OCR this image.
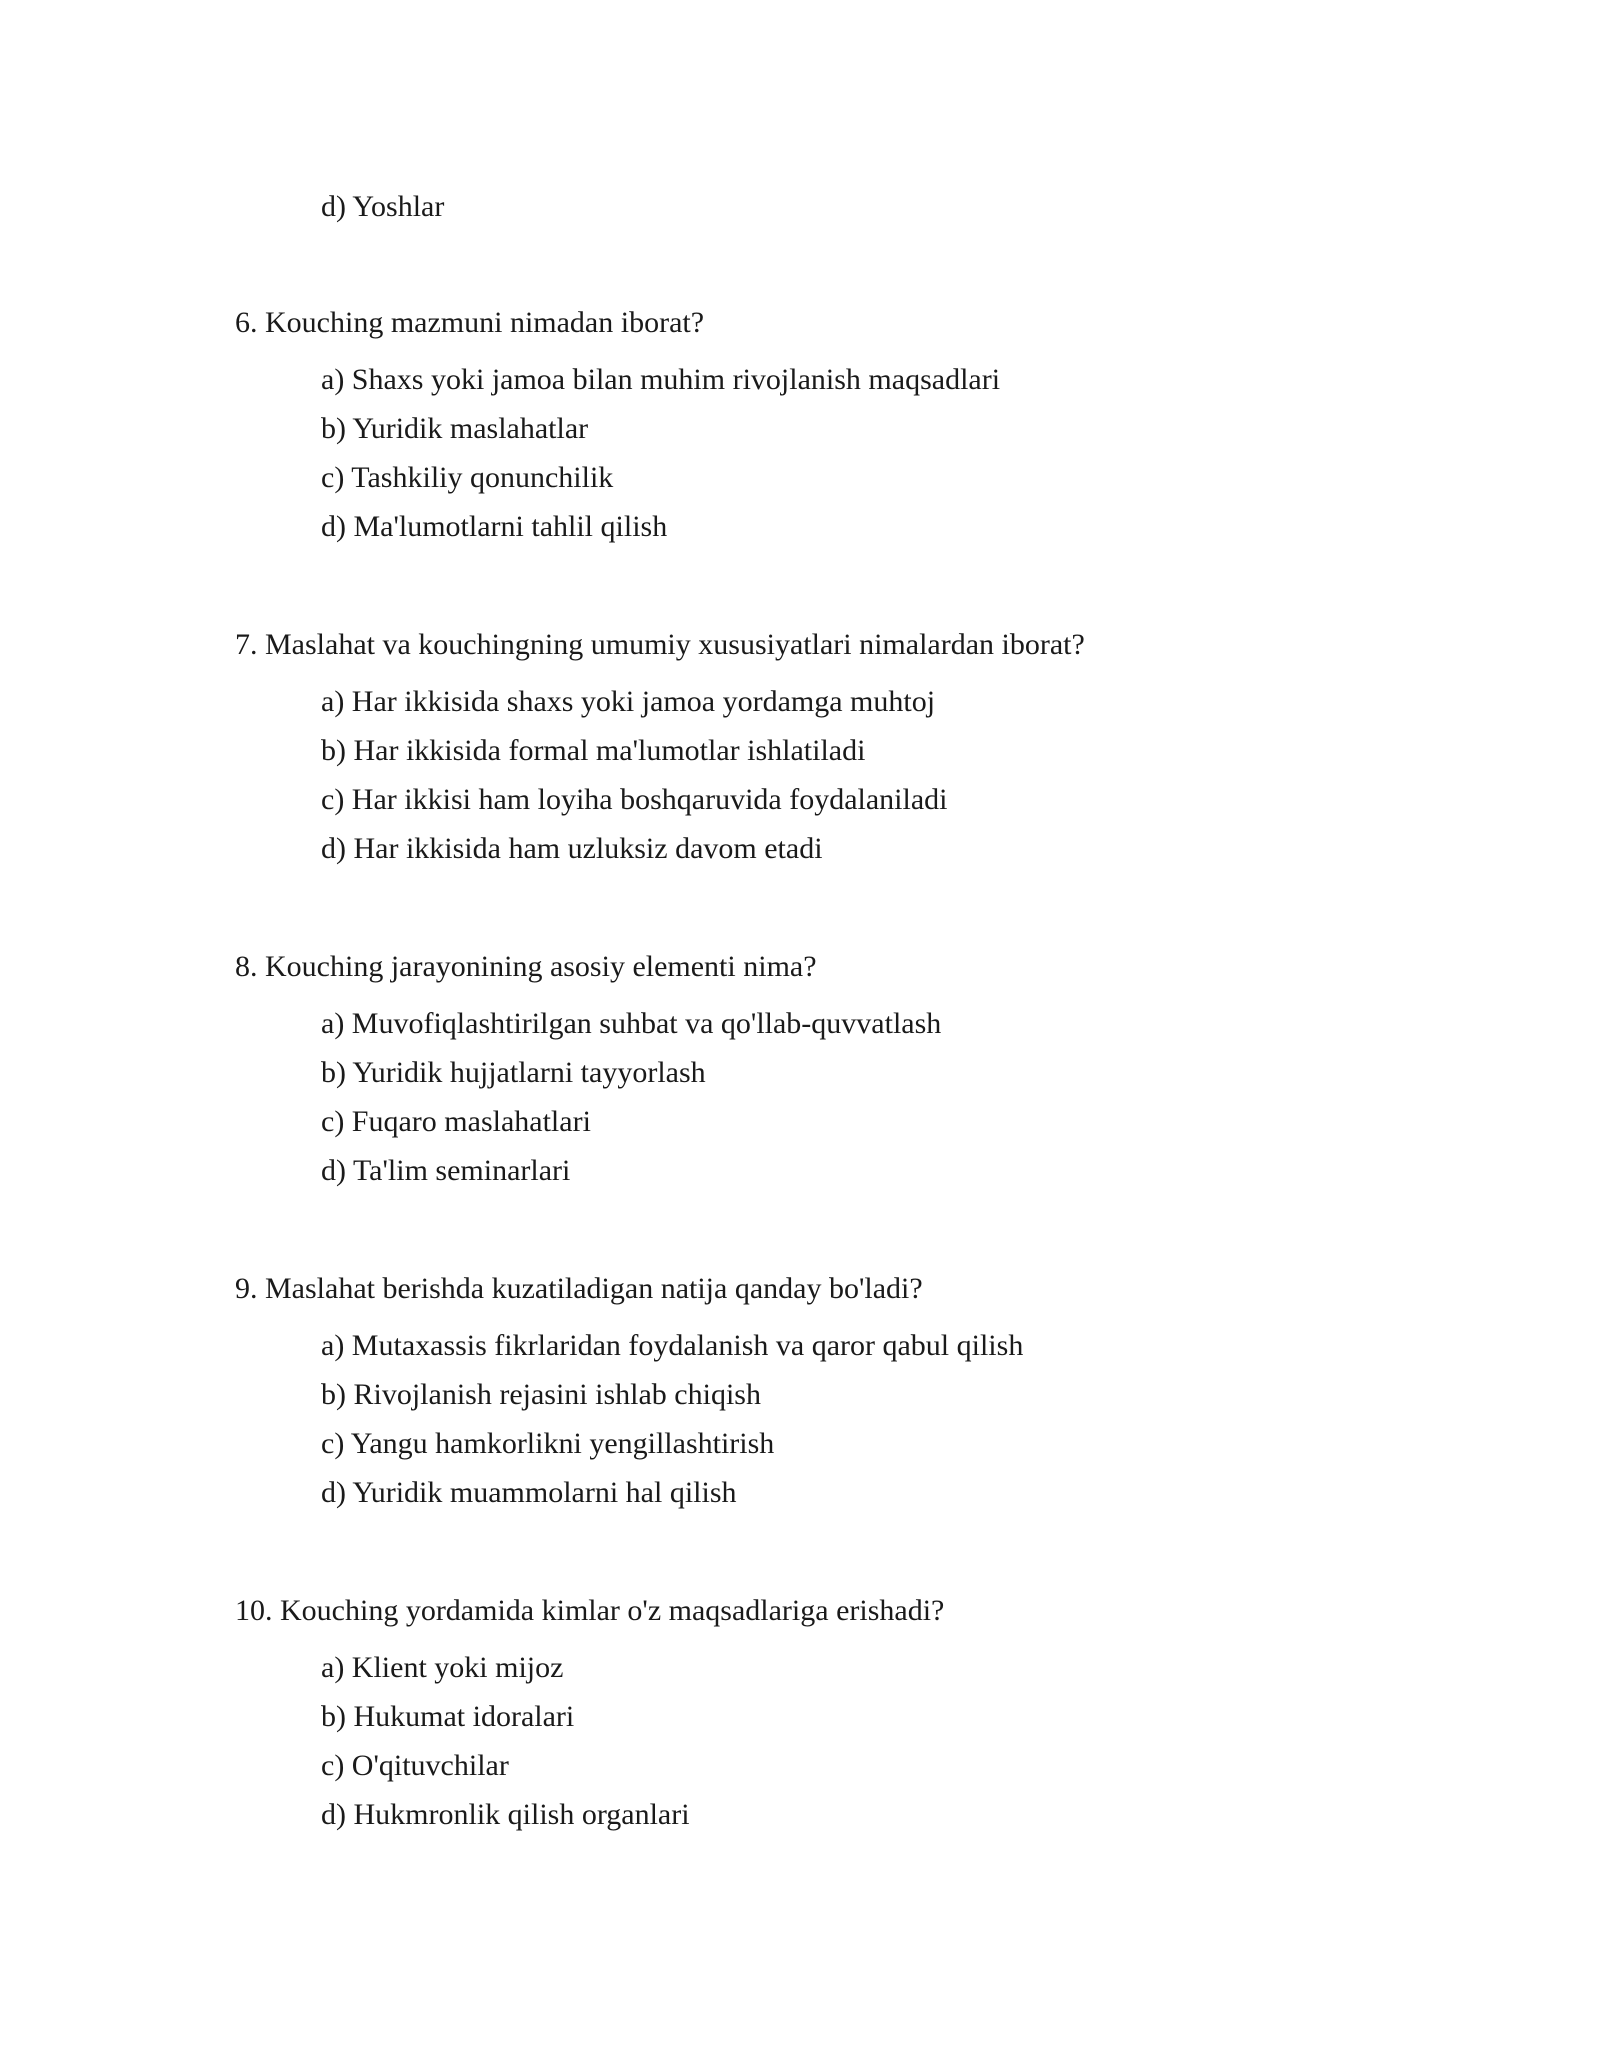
d) Yoshlar
6. Kouching mazmuni nimadan iborat?
a) Shaxs yoki jamoa bilan muhim rivojlanish maqsadlari
b) Yuridik maslahatlar
c) Tashkiliy qonunchilik
d) Ma'lumotlarni tahlil qilish
7. Maslahat va kouchingning umumiy xususiyatlari nimalardan iborat?
a) Har ikkisida shaxs yoki jamoa yordamga muhtoj
b) Har ikkisida formal ma'lumotlar ishlatiladi
c) Har ikkisi ham loyiha boshqaruvida foydalaniladi
d) Har ikkisida ham uzluksiz davom etadi
8. Kouching jarayonining asosiy elementi nima?
a) Muvofiqlashtirilgan suhbat va qo'llab-quvvatlash
b) Yuridik hujjatlarni tayyorlash
c) Fuqaro maslahatlari
d) Ta'lim seminarlari
9. Maslahat berishda kuzatiladigan natija qanday bo'ladi?
a) Mutaxassis fikrlaridan foydalanish va qaror qabul qilish
b) Rivojlanish rejasini ishlab chiqish
c) Yangu hamkorlikni yengillashtirish
d) Yuridik muammolarni hal qilish
10. Kouching yordamida kimlar o'z maqsadlariga erishadi?
a) Klient yoki mijoz
b) Hukumat idoralari
c) O'qituvchilar
d) Hukmronlik qilish organlari
